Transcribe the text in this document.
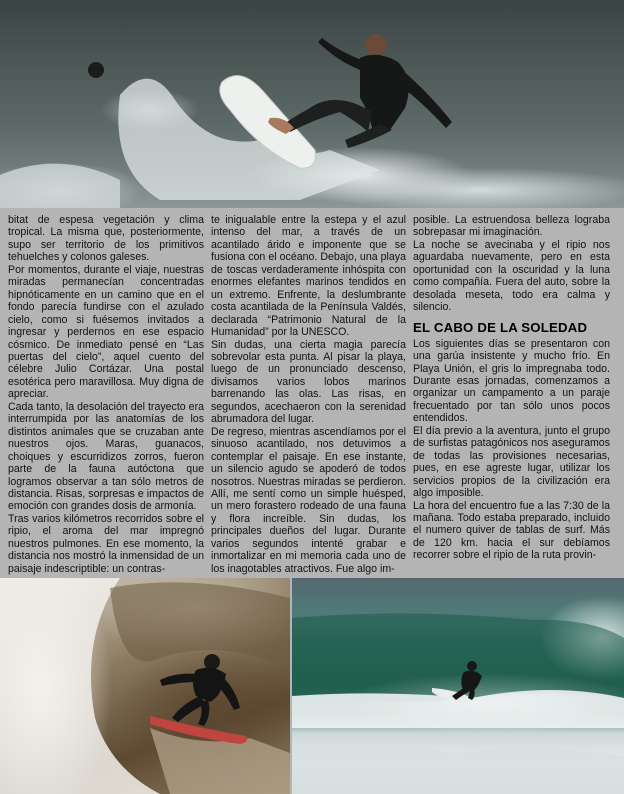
bitat de espesa vegetación y clima tropical. La misma que, posteriormente, supo ser territorio de los primitivos tehuelches y colonos galeses.

Por momentos, durante el viaje, nuestras miradas permanecían concentradas hipnóticamente en un camino que en el fondo parecía fundirse con el azulado cielo, como si fuésemos invitados a ingresar y perdernos en ese espacio cósmico. De inmediato pensé en “Las puertas del cielo”, aquel cuento del célebre Julio Cortázar. Una postal esotérica pero maravillosa. Muy digna de apreciar.

Cada tanto, la desolación del trayecto era interrumpida por las anatomías de los distintos animales que se cruzaban ante nuestros ojos. Maras, guanacos, choiques y escurridizos zorros, fueron parte de la fauna autóctona que logramos observar a tan sólo metros de distancia. Risas, sorpresas e impactos de emoción con grandes dosis de armonía.

Tras varios kilómetros recorridos sobre el ripio, el aroma del mar impregnó nuestros pulmones. En ese momento, la distancia nos mostró la inmensidad de un paisaje indescriptible: un contras-

te inigualable entre la estepa y el azul intenso del mar, a través de un acantilado árido e imponente que se fusiona con el océano. Debajo, una playa de toscas verdaderamente inhóspita con enormes elefantes marinos tendidos en un extremo. Enfrente, la deslumbrante costa acantilada de la Península Valdés, declarada “Patrimonio Natural de la Humanidad” por la UNESCO.

Sin dudas, una cierta magia parecía sobrevolar esta punta. Al pisar la playa, luego de un pronunciado descenso, divisamos varios lobos marinos barrenando las olas. Las risas, en segundos, acechaeron con la serenidad abrumadora del lugar.

De regreso, mientras ascendíamos por el sinuoso acantilado, nos detuvimos a contemplar el paisaje. En ese instante, un silencio agudo se apoderó de todos nosotros. Nuestras miradas se perdieron. Allí, me sentí como un simple huésped, un mero forastero rodeado de una fauna y flora increíble. Sin dudas, los principales dueños del lugar. Durante varios segundos intenté grabar e inmortalizar en mi memoria cada uno de los inagotables atractivos. Fue algo im-

posible. La estruendosa belleza lograba sobrepasar mi imaginación.

La noche se avecinaba y el ripio nos aguardaba nuevamente, pero en esta oportunidad con la oscuridad y la luna como compañía. Fuera del auto, sobre la desolada meseta, todo era calma y silencio.

EL CABO DE LA SOLEDAD

Los siguientes días se presentaron con una garúa insistente y mucho frío. En Playa Unión, el gris lo impregnaba todo. Durante esas jornadas, comenzamos a organizar un campamento a un paraje frecuentado por tan sólo unos pocos entendidos.

El día previo a la aventura, junto el grupo de surfistas patagónicos nos aseguramos de todas las provisiones necesarias, pues, en ese agreste lugar, utilizar los servicios propios de la civilización era algo imposible.

La hora del encuentro fue a las 7:30 de la mañana. Todo estaba preparado, incluido el numero quiver de tablas de surf. Más de 120 km. hacia el sur debíamos recorrer sobre el ripio de la ruta provin-
